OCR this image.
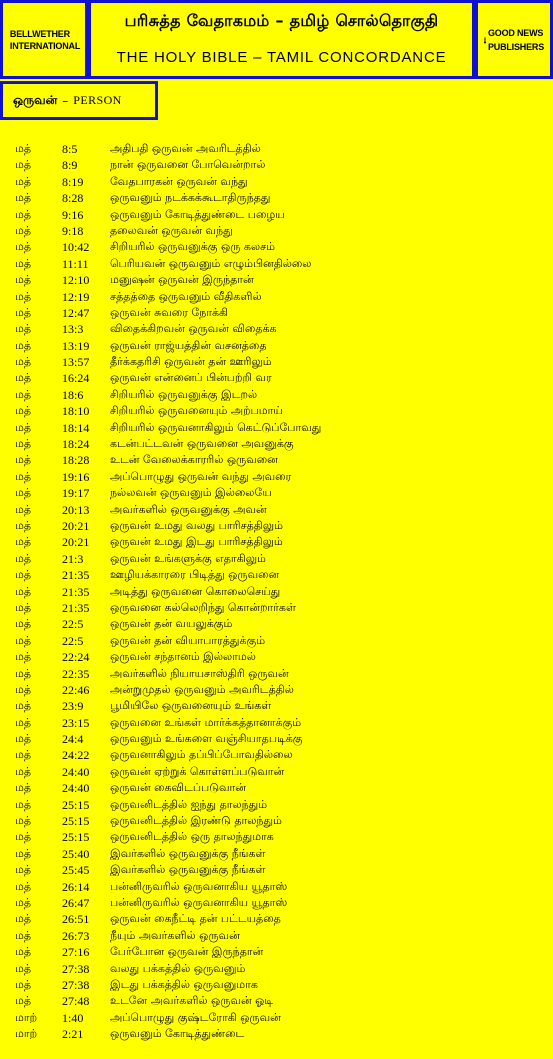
BELLWETHER
INTERNATIONAL
பரிசுத்த வேதாகமம் – தமிழ் சொல்தொகுதி
THE HOLY BIBLE – TAMIL CONCORDANCE
GOOD NEWS
PUBLISHERS
ஒருவன் – PERSON
மத்	8:5	அதிபதி ஒருவன் அவரிடத்தில்
மத்	8:9	நான் ஒருவனை போவென்றால்
மத்	8:19 வேதபாரகன் ஒருவன் வந்து
மத்	8:28 ஒருவனும் நடக்கக்கூடாதிருந்தது
மத்	9:16 ஒருவனும் கோடித்துண்டை பழைய
மத்	9:18 தலைவன் ஒருவன் வந்து
மத்	10:42 சிறியரில் ஒருவனுக்கு ஒரு கலசம்
மத்	11:11 பெரியவன் ஒருவனும் எழும்பினதில்லை
மத்	12:10 மனுஷன் ஒருவன் இருந்தான்
மத்	12:19 சத்தத்தை ஒருவனும் வீதிகளில்
மத்	12:47 ஒருவன் சுவரை நோக்கி
மத்	13:3 விதைக்கிறவன் ஒருவன் விதைக்க
மத்	13:19 ஒருவன் ராஜ்யத்தின் வசனத்தை
மத்	13:57 தீர்க்கதரிசி ஒருவன் தன் ஊரிலும்
மத்	16:24 ஒருவன் என்னைப் பின்பற்றி வர
மத்	18:6 சிறியரில் ஒருவனுக்கு இடறல்
மத்	18:10 சிறியரில் ஒருவனையும் அற்பமாய்
மத்	18:14 சிறியரில் ஒருவனாகிலும் கெட்டுப்போவது
மத்	18:24 கடன்பட்டவன் ஒருவனை அவனுக்கு
மத்	18:28 உடன் வேலைக்காரரில் ஒருவனை
மத்	19:16 அப்பொழுது ஒருவன் வந்து அவரை
மத்	19:17 நல்லவன் ஒருவனும் இல்லையே
மத்	20:13 அவர்களில் ஒருவனுக்கு அவன்
மத்	20:21 ஒருவன் உமது வலது பாரிசத்திலும்
மத்	20:21 ஒருவன் உமது இடது பாரிசத்திலும்
மத்	21:3 ஒருவன் உங்களுக்கு எதாகிலும்
மத்	21:35 ஊழியக்காரரை பிடித்து ஒருவனை
மத்	21:35 அடித்து ஒருவனை கொலைசெய்து
மத்	21:35 ஒருவனை கல்லெறிந்து கொன்றார்கள்
மத்	22:5 ஒருவன் தன் வயலுக்கும்
மத்	22:5 ஒருவன் தன் வியாபாரத்துக்கும்
மத்	22:24 ஒருவன் சந்தானம் இல்லாமல்
மத்	22:35 அவர்களில் நியாயசாஸ்திரி ஒருவன்
மத்	22:46 அன்றுமுதல் ஒருவனும் அவரிடத்தில்
மத்	23:9 பூமியிலே ஒருவனையும் உங்கள்
மத்	23:15 ஒருவனை உங்கள் மார்க்கத்தானாக்கும்
மத்	24:4 ஒருவனும் உங்களை வஞ்சியாதபடிக்கு
மத்	24:22 ஒருவனாகிலும் தப்பிப்போவதில்லை
மத்	24:40 ஒருவன் ஏற்றுக் கொள்ளப்படுவான்
மத்	24:40 ஒருவன் கைவிடப்படுவான்
மத்	25:15 ஒருவனிடத்தில் ஐந்து தாலந்தும்
மத்	25:15 ஒருவனிடத்தில் இரண்டு தாலந்தும்
மத்	25:15 ஒருவனிடத்தில் ஒரு தாலந்துமாக
மத்	25:40 இவர்களில் ஒருவனுக்கு நீங்கள்
மத்	25:45 இவர்களில் ஒருவனுக்கு நீங்கள்
மத்	26:14 பன்னிருவரில் ஒருவனாகிய யூதாஸ்
மத்	26:47 பன்னிருவரில் ஒருவனாகிய யூதாஸ்
மத்	26:51 ஒருவன் கைநீட்டி தன் பட்டயத்தை
மத்	26:73 நீயும் அவர்களில் ஒருவன்
மத்	27:16 பேர்போன ஒருவன் இருந்தான்
மத்	27:38 வலது பக்கத்தில் ஒருவனும்
மத்	27:38 இடது பக்கத்தில் ஒருவனுமாக
மத்	27:48 உடனே அவர்களில் ஒருவன் ஓடி
மாற் 1:40 அப்பொழுது குஷ்டரோகி ஒருவன்
மாற் 2:21 ஒருவனும் கோடித்துண்டை
